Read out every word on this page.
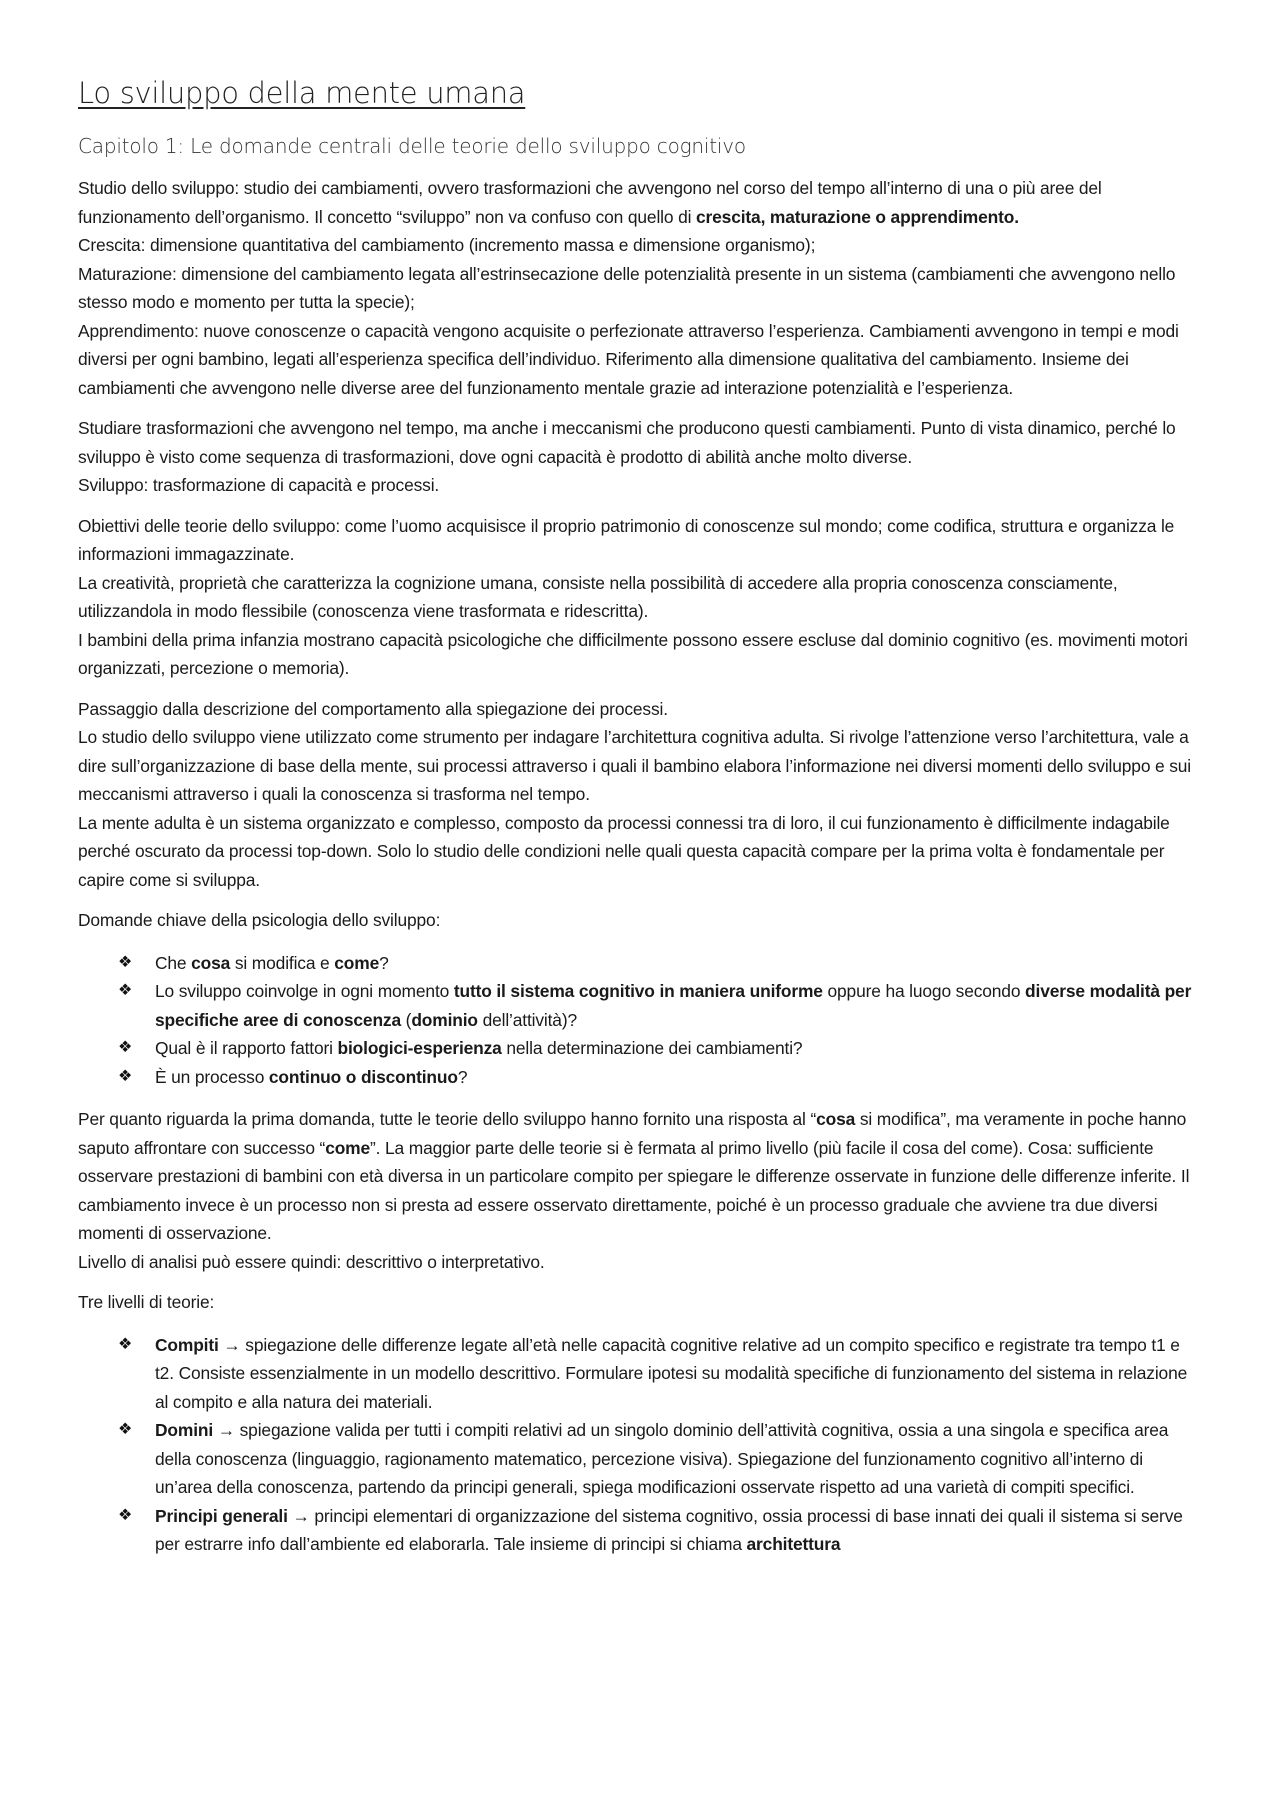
Lo sviluppo della mente umana
Capitolo 1: Le domande centrali delle teorie dello sviluppo cognitivo
Studio dello sviluppo: studio dei cambiamenti, ovvero trasformazioni che avvengono nel corso del tempo all’interno di una o più aree del funzionamento dell’organismo. Il concetto “sviluppo” non va confuso con quello di crescita, maturazione o apprendimento.
Crescita: dimensione quantitativa del cambiamento (incremento massa e dimensione organismo);
Maturazione: dimensione del cambiamento legata all’estrinsecazione delle potenzialità presente in un sistema (cambiamenti che avvengono nello stesso modo e momento per tutta la specie);
Apprendimento: nuove conoscenze o capacità vengono acquisite o perfezionate attraverso l’esperienza. Cambiamenti avvengono in tempi e modi diversi per ogni bambino, legati all’esperienza specifica dell’individuo. Riferimento alla dimensione qualitativa del cambiamento. Insieme dei cambiamenti che avvengono nelle diverse aree del funzionamento mentale grazie ad interazione potenzialità e l’esperienza.
Studiare trasformazioni che avvengono nel tempo, ma anche i meccanismi che producono questi cambiamenti. Punto di vista dinamico, perché lo sviluppo è visto come sequenza di trasformazioni, dove ogni capacità è prodotto di abilità anche molto diverse.
Sviluppo: trasformazione di capacità e processi.
Obiettivi delle teorie dello sviluppo: come l’uomo acquisisce il proprio patrimonio di conoscenze sul mondo; come codifica, struttura e organizza le informazioni immagazzinate.
La creatività, proprietà che caratterizza la cognizione umana, consiste nella possibilità di accedere alla propria conoscenza consciamente, utilizzandola in modo flessibile (conoscenza viene trasformata e ridescritta).
I bambini della prima infanzia mostrano capacità psicologiche che difficilmente possono essere escluse dal dominio cognitivo (es. movimenti motori organizzati, percezione o memoria).
Passaggio dalla descrizione del comportamento alla spiegazione dei processi.
Lo studio dello sviluppo viene utilizzato come strumento per indagare l’architettura cognitiva adulta. Si rivolge l’attenzione verso l’architettura, vale a dire sull’organizzazione di base della mente, sui processi attraverso i quali il bambino elabora l’informazione nei diversi momenti dello sviluppo e sui meccanismi attraverso i quali la conoscenza si trasforma nel tempo.
La mente adulta è un sistema organizzato e complesso, composto da processi connessi tra di loro, il cui funzionamento è difficilmente indagabile perché oscurato da processi top-down. Solo lo studio delle condizioni nelle quali questa capacità compare per la prima volta è fondamentale per capire come si sviluppa.
Domande chiave della psicologia dello sviluppo:
❖ Che cosa si modifica e come?
❖ Lo sviluppo coinvolge in ogni momento tutto il sistema cognitivo in maniera uniforme oppure ha luogo secondo diverse modalità per specifiche aree di conoscenza (dominio dell’attività)?
❖ Qual è il rapporto fattori biologici-esperienza nella determinazione dei cambiamenti?
❖ È un processo continuo o discontinuo?
Per quanto riguarda la prima domanda, tutte le teorie dello sviluppo hanno fornito una risposta al “cosa si modifica”, ma veramente in poche hanno saputo affrontare con successo “come”. La maggior parte delle teorie si è fermata al primo livello (più facile il cosa del come). Cosa: sufficiente osservare prestazioni di bambini con età diversa in un particolare compito per spiegare le differenze osservate in funzione delle differenze inferite. Il cambiamento invece è un processo non si presta ad essere osservato direttamente, poiché è un processo graduale che avviene tra due diversi momenti di osservazione.
Livello di analisi può essere quindi: descrittivo o interpretativo.
Tre livelli di teorie:
❖ Compiti → spiegazione delle differenze legate all’età nelle capacità cognitive relative ad un compito specifico e registrate tra tempo t1 e t2. Consiste essenzialmente in un modello descrittivo. Formulare ipotesi su modalità specifiche di funzionamento del sistema in relazione al compito e alla natura dei materiali.
❖ Domini → spiegazione valida per tutti i compiti relativi ad un singolo dominio dell’attività cognitiva, ossia a una singola e specifica area della conoscenza (linguaggio, ragionamento matematico, percezione visiva). Spiegazione del funzionamento cognitivo all’interno di un’area della conoscenza, partendo da principi generali, spiega modificazioni osservate rispetto ad una varietà di compiti specifici.
❖ Principi generali → principi elementari di organizzazione del sistema cognitivo, ossia processi di base innati dei quali il sistema si serve per estrarre info dall’ambiente ed elaborarla. Tale insieme di principi si chiama architettura
